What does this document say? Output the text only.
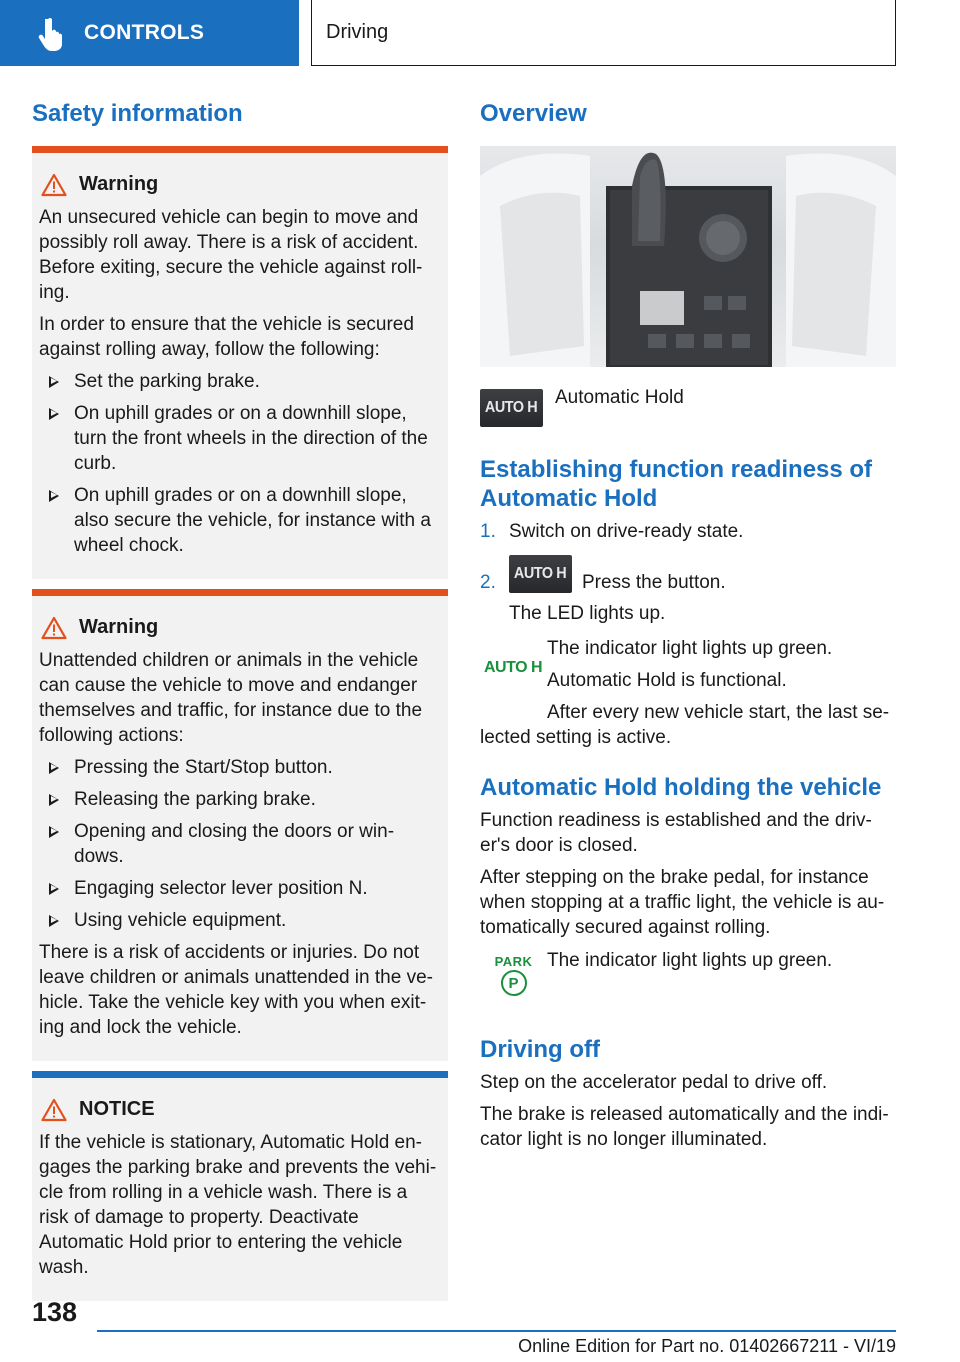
CONTROLS	Driving
Safety information
Warning
An unsecured vehicle can begin to move and possibly roll away. There is a risk of accident. Before exiting, secure the vehicle against roll-ing.
In order to ensure that the vehicle is secured against rolling away, follow the following:
Set the parking brake.
On uphill grades or on a downhill slope, turn the front wheels in the direction of the curb.
On uphill grades or on a downhill slope, also secure the vehicle, for instance with a wheel chock.
Warning
Unattended children or animals in the vehicle can cause the vehicle to move and endanger themselves and traffic, for instance due to the following actions:
Pressing the Start/Stop button.
Releasing the parking brake.
Opening and closing the doors or win-dows.
Engaging selector lever position N.
Using vehicle equipment.
There is a risk of accidents or injuries. Do not leave children or animals unattended in the ve-hicle. Take the vehicle key with you when exit-ing and lock the vehicle.
NOTICE
If the vehicle is stationary, Automatic Hold en-gages the parking brake and prevents the vehi-cle from rolling in a vehicle wash. There is a risk of damage to property. Deactivate Automatic Hold prior to entering the vehicle wash.
Overview
AUTO H Automatic Hold
Establishing function readiness of Automatic Hold
1. Switch on drive-ready state.
2. AUTO H Press the button.
The LED lights up.
AUTO H
The indicator light lights up green.
Automatic Hold is functional.
After every new vehicle start, the last se-lected setting is active.
Automatic Hold holding the vehicle
Function readiness is established and the driv-er's door is closed.
After stepping on the brake pedal, for instance when stopping at a traffic light, the vehicle is au-tomatically secured against rolling.
PARK
P
The indicator light lights up green.
Driving off
Step on the accelerator pedal to drive off.
The brake is released automatically and the indi-cator light is no longer illuminated.
138
Online Edition for Part no. 01402667211 - VI/19
